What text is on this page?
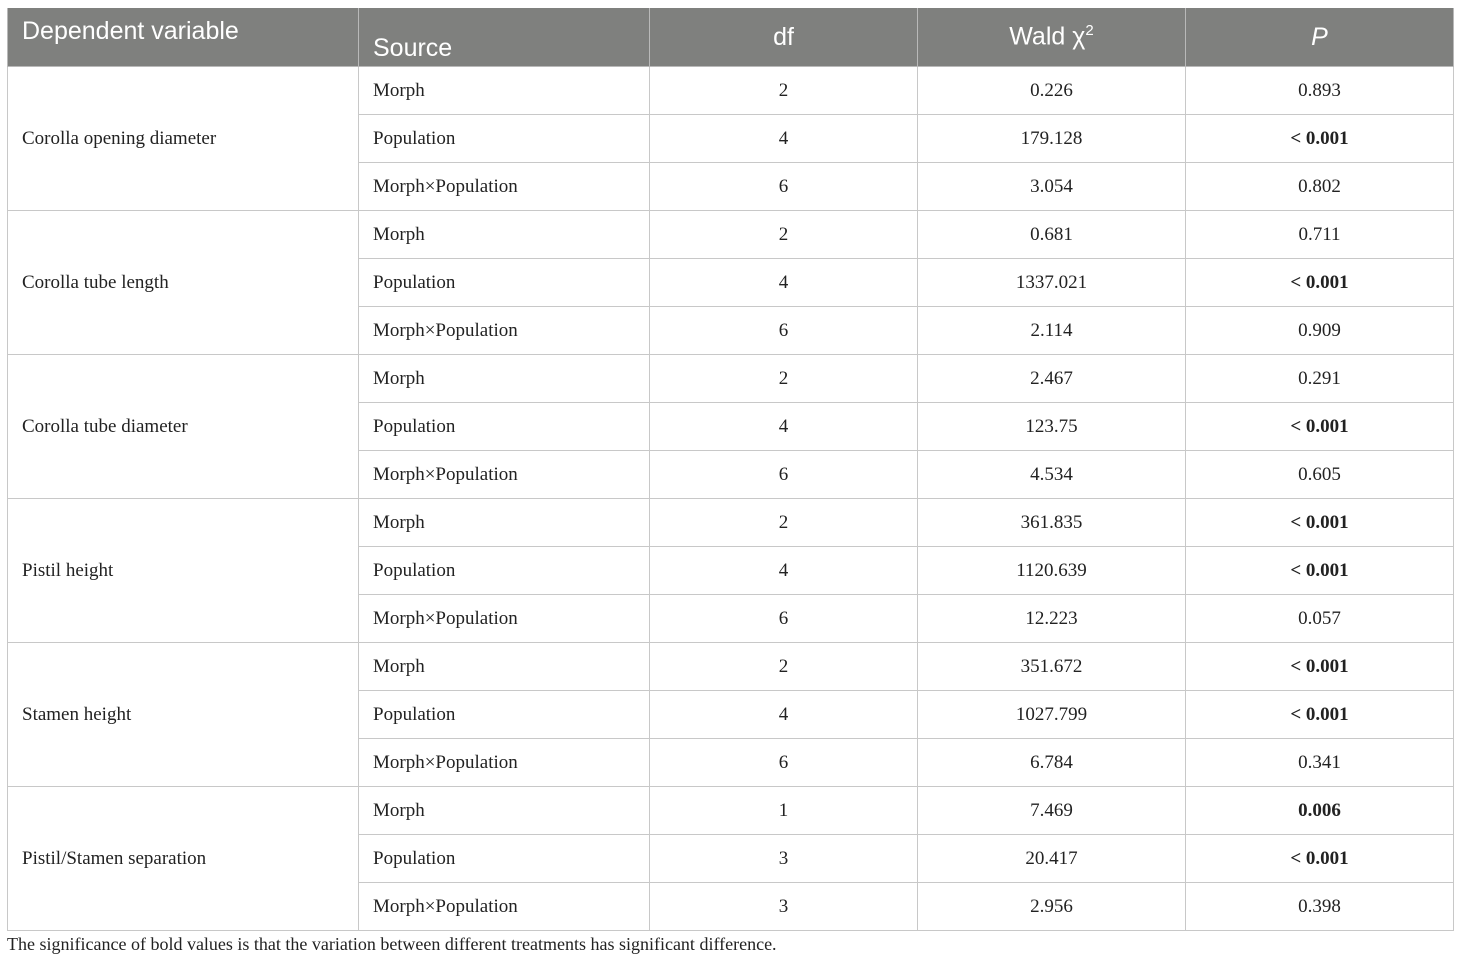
Dependent variable	Source	df	Wald $\chi^2$	P
Corolla opening diameter	Morph	2	0.226	0.893
	Population	4	179.128	< 0.001
	Morph×Population	6	3.054	0.802
Corolla tube length	Morph	2	0.681	0.711
	Population	4	1337.021	< 0.001
	Morph×Population	6	2.114	0.909
Corolla tube diameter	Morph	2	2.467	0.291
	Population	4	123.75	< 0.001
	Morph×Population	6	4.534	0.605
Pistil height	Morph	2	361.835	< 0.001
	Population	4	1120.639	< 0.001
	Morph×Population	6	12.223	0.057
Stamen height	Morph	2	351.672	< 0.001
	Population	4	1027.799	< 0.001
	Morph×Population	6	6.784	0.341
Pistil/Stamen separation	Morph	1	7.469	0.006
	Population	3	20.417	< 0.001
	Morph×Population	3	2.956	0.398
The significance of bold values is that the variation between different treatments has significant difference.
